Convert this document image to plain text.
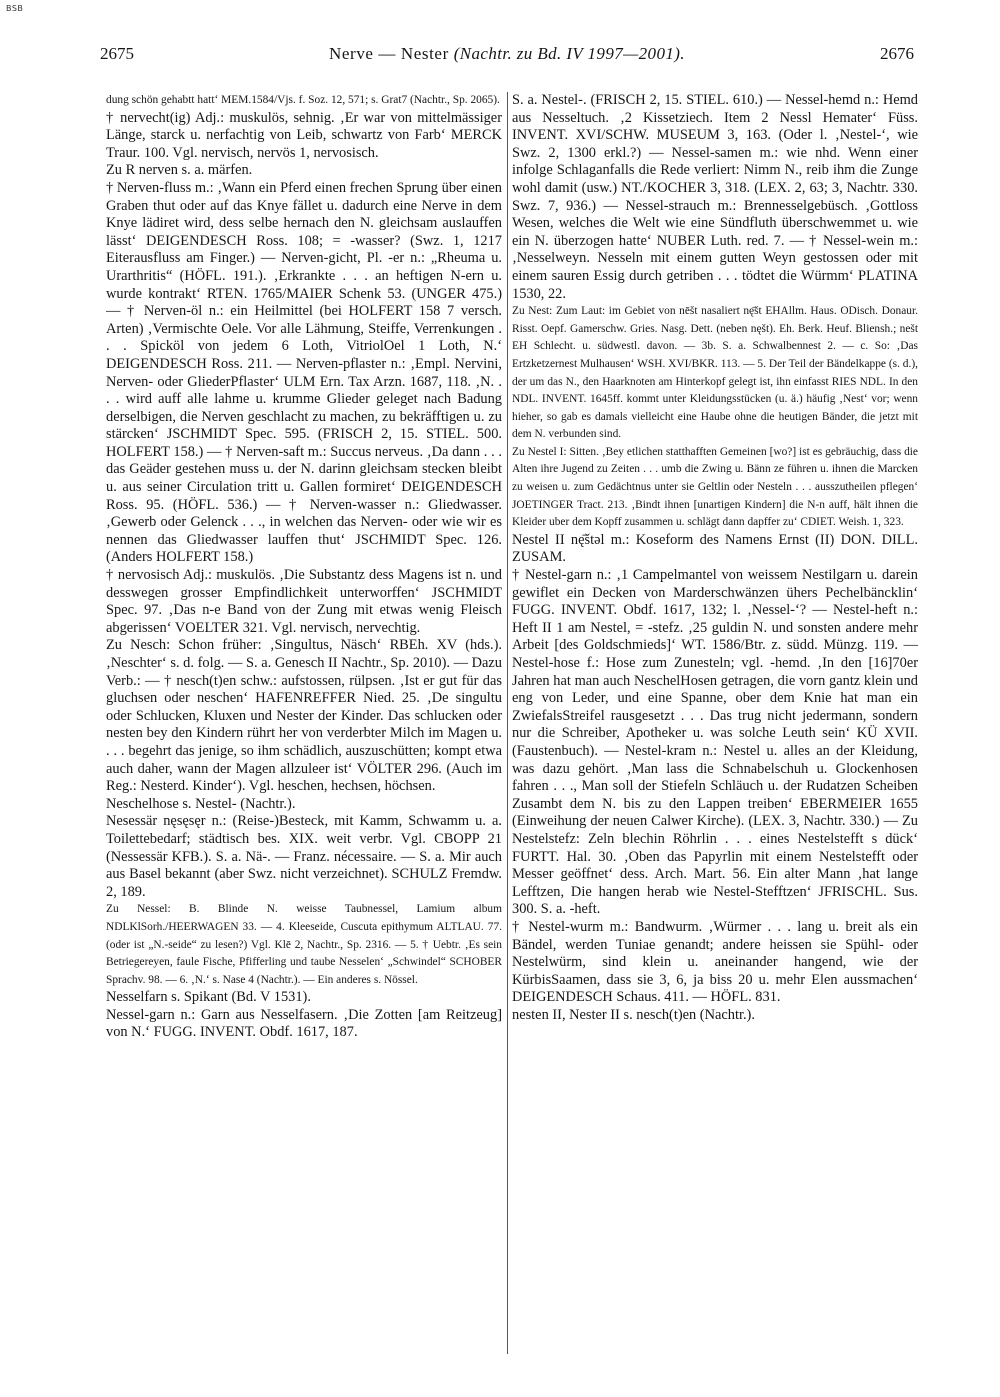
BSB
2675	Nerve — Nester (Nachtr. zu Bd. IV 1997—2001).	2676

dung schön gehabtt hatt‘ MEM.1584/Vjs. f. Soz. 12, 571; s. Grat7 (Nachtr., Sp. 2065).

† nervecht(ig) Adj.: muskulös, sehnig. ‚Er war von mittelmässiger Länge, starck u. nerfachtig von Leib, schwartz von Farb‘ MERCK Traur. 100. Vgl. nervisch, nervös 1, nervosisch.

Zu R nerven s. a. märfen.

† Nerven-fluss m.: ‚Wann ein Pferd einen frechen Sprung über einen Graben thut oder auf das Knye fället u. dadurch eine Nerve in dem Knye lädiret wird, dess selbe hernach den N. gleichsam auslauffen lässt‘ DEIGENDESCH Ross. 108; = -wasser? (Swz. 1, 1217 Eiterausfluss am Finger.) — Nerven-gicht, Pl. -er n.: „Rheuma u. Urarthritis“ (HÖFL. 191.). ‚Erkrankte . . . an heftigen N-ern u. wurde kontrakt‘ RTEN. 1765/MAIER Schenk 53. (UNGER 475.) — † Nerven-öl n.: ein Heilmittel (bei HOLFERT 158 7 versch. Arten) ‚Vermischte Oele. Vor alle Lähmung, Steiffe, Verrenkungen . . . Spicköl von jedem 6 Loth, VitriolOel 1 Loth, N.‘ DEIGENDESCH Ross. 211. — Nerven-pflaster n.: ‚Empl. Nervini, Nerven- oder GliederPflaster‘ ULM Ern. Tax Arzn. 1687, 118. ‚N. . . . wird auff alle lahme u. krumme Glieder geleget nach Badung derselbigen, die Nerven geschlacht zu machen, zu bekräfftigen u. zu stärcken‘ JSCHMIDT Spec. 595. (FRISCH 2, 15. STIEL. 500. HOLFERT 158.) — † Nerven-saft m.: Succus nerveus. ‚Da dann . . . das Geäder gestehen muss u. der N. darinn gleichsam stecken bleibt u. aus seiner Circulation tritt u. Gallen formiret‘ DEIGENDESCH Ross. 95. (HÖFL. 536.) — † Nerven-wasser n.: Gliedwasser. ‚Gewerb oder Gelenck . . ., in welchen das Nerven- oder wie wir es nennen das Gliedwasser lauffen thut‘ JSCHMIDT Spec. 126. (Anders HOLFERT 158.)

† nervosisch Adj.: muskulös. ‚Die Substantz dess Magens ist n. und desswegen grosser Empfindlichkeit unterworffen‘ JSCHMIDT Spec. 97. ‚Das n-e Band von der Zung mit etwas wenig Fleisch abgerissen‘ VOELTER 321. Vgl. nervisch, nervechtig.

Zu Nesch: Schon früher: ‚Singultus, Näsch‘ RBEh. XV (hds.). ‚Neschter‘ s. d. folg. — S. a. Genesch II Nachtr., Sp. 2010). — Dazu Verb.: — † nesch(t)en schw.: aufstossen, rülpsen. ‚Ist er gut für das gluchsen oder neschen‘ HAFENREFFER Nied. 25. ‚De singultu oder Schlucken, Kluxen und Nester der Kinder. Das schlucken oder nesten bey den Kindern rührt her von verderbter Milch im Magen u. . . . begehrt das jenige, so ihm schädlich, auszuschütten; kompt etwa auch daher, wann der Magen allzuleer ist‘ VÖLTER 296. (Auch im Reg.: Nesterd. Kinder‘). Vgl. heschen, hechsen, höchsen.

Neschelhose s. Nestel- (Nachtr.).

Nesessär nęsęsęr n.: (Reise-)Besteck, mit Kamm, Schwamm u. a. Toilettebedarf; städtisch bes. XIX. weit verbr. Vgl. CBOPP 21 (Nessessär KFB.). S. a. Nä-. — Franz. nécessaire. — S. a. Mir auch aus Basel bekannt (aber Swz. nicht verzeichnet). SCHULZ Fremdw. 2, 189.

Zu Nessel: B. Blinde N. weisse Taubnessel, Lamium album NDLKlSorh./HEERWAGEN 33. — 4. Kleeseide, Cuscuta epithymum ALTLAU. 77. (oder ist „N.-seide“ zu lesen?) Vgl. Klē 2, Nachtr., Sp. 2316. — 5. † Uebtr. ‚Es sein Betriegereyen, faule Fische, Pfifferling und taube Nesselen‘ „Schwindel“ SCHOBER Sprachv. 98. — 6. ‚N.‘ s. Nase 4 (Nachtr.). — Ein anderes s. Nössel.

Nesselfarn s. Spikant (Bd. V 1531).

Nessel-garn n.: Garn aus Nesselfasern. ‚Die Zotten [am Reitzeug] von N.‘ FUGG. INVENT. Obdf. 1617, 187.

S. a. Nestel-. (FRISCH 2, 15. STIEL. 610.) — Nessel-hemd n.: Hemd aus Nesseltuch. ‚2 Kissetziech. Item 2 Nessl Hemater‘ Füss. INVENT. XVI/SCHW. MUSEUM 3, 163. (Oder l. ‚Nestel-‘, wie Swz. 2, 1300 erkl.?) — Nessel-samen m.: wie nhd. Wenn einer infolge Schlaganfalls die Rede verliert: Nimm N., reib ihm die Zunge wohl damit (usw.) NT./KOCHER 3, 318. (LEX. 2, 63; 3, Nachtr. 330. Swz. 7, 936.) — Nessel-strauch m.: Brennesselgebüsch. ‚Gottloss Wesen, welches die Welt wie eine Sündfluth überschwemmet u. wie ein N. überzogen hatte‘ NUBER Luth. red. 7. — † Nessel-wein m.: ‚Nesselweyn. Nesseln mit einem gutten Weyn gestossen oder mit einem sauren Essig durch getriben . . . tödtet die Würmm‘ PLATINA 1530, 22.

Zu Nest: Zum Laut: im Gebiet von nēšt nasaliert nę̄št EHAllm. Haus. ODisch. Donaur. Risst. Oepf. Gamerschw. Gries. Nasg. Dett. (neben nęšt). Eh. Berk. Heuf. Bliensh.; nešt EH Schlecht. u. südwestl. davon. — 3b. S. a. Schwalbennest 2. — c. So: ‚Das Ertzketzernest Mulhausen‘ WSH. XVI/BKR. 113. — 5. Der Teil der Bändelkappe (s. d.), der um das N., den Haarknoten am Hinterkopf gelegt ist, ihn einfasst RIES NDL. In den NDL. INVENT. 1645ff. kommt unter Kleidungsstücken (u. ä.) häufig ‚Nest‘ vor; wenn hieher, so gab es damals vielleicht eine Haube ohne die heutigen Bänder, die jetzt mit dem N. verbunden sind.

Zu Nestel I: Sitten. ‚Bey etlichen statthafften Gemeinen [wo?] ist es gebräuchig, dass die Alten ihre Jugend zu Zeiten . . . umb die Zwing u. Bänn ze führen u. ihnen die Marcken zu weisen u. zum Gedächtnus unter sie Geltlin oder Nesteln . . . ausszutheilen pflegen‘ JOETINGER Tract. 213. ‚Bindt ihnen [unartigen Kindern] die N-n auff, hält ihnen die Kleider uber dem Kopff zusammen u. schlägt dann dapffer zu‘ CDIET. Weish. 1, 323.

Nestel II nę̄štəl m.: Koseform des Namens Ernst (II) DON. DILL. ZUSAM.

† Nestel-garn n.: ‚1 Campelmantel von weissem Nestilgarn u. darein gewiflet ein Decken von Marderschwänzen ühers Pechelbäncklin‘ FUGG. INVENT. Obdf. 1617, 132; l. ‚Nessel-‘? — Nestel-heft n.: Heft II 1 am Nestel, = -stefz. ‚25 guldin N. und sonsten andere mehr Arbeit [des Goldschmieds]‘ WT. 1586/Btr. z. südd. Münzg. 119. — Nestel-hose f.: Hose zum Zunesteln; vgl. -hemd. ‚In den [16]70er Jahren hat man auch NeschelHosen getragen, die vorn gantz klein und eng von Leder, und eine Spanne, ober dem Knie hat man ein ZwiefalsStreifel rausgesetzt . . . Das trug nicht jedermann, sondern nur die Schreiber, Apotheker u. was solche Leuth sein‘ KÜ XVII. (Faustenbuch). — Nestel-kram n.: Nestel u. alles an der Kleidung, was dazu gehört. ‚Man lass die Schnabelschuh u. Glockenhosen fahren . . ., Man soll der Stiefeln Schläuch u. der Rudatzen Scheiben Zusambt dem N. bis zu den Lappen treiben‘ EBERMEIER 1655 (Einweihung der neuen Calwer Kirche). (LEX. 3, Nachtr. 330.) — Zu Nestelstefz: Zeln blechin Röhrlin . . . eines Nestelstefft s dück‘ FURTT. Hal. 30. ‚Oben das Papyrlin mit einem Nestelstefft oder Messer geöffnet‘ dess. Arch. Mart. 56. Ein alter Mann ‚hat lange Lefftzen, Die hangen herab wie Nestel-Stefftzen‘ JFRISCHL. Sus. 300. S. a. -heft.

† Nestel-wurm m.: Bandwurm. ‚Würmer . . . lang u. breit als ein Bändel, werden Tuniae genandt; andere heissen sie Spühl- oder Nestelwürm, sind klein u. aneinander hangend, wie der KürbisSaamen, dass sie 3, 6, ja biss 20 u. mehr Elen aussmachen‘ DEIGENDESCH Schaus. 411. — HÖFL. 831.

nesten II, Nester II s. nesch(t)en (Nachtr.).
